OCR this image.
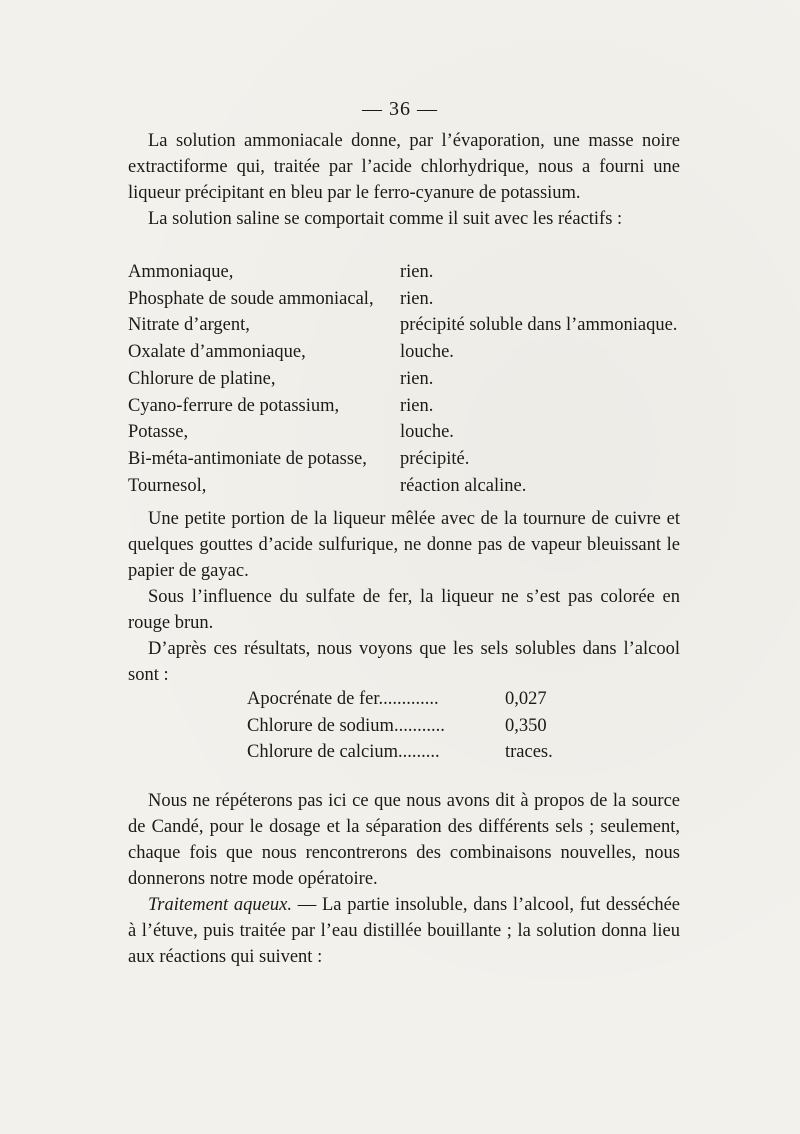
— 36 —

La solution ammoniacale donne, par l’évaporation, une masse noire extractiforme qui, traitée par l’acide chlorhydrique, nous a fourni une liqueur précipitant en bleu par le ferro-cyanure de potassium.

La solution saline se comportait comme il suit avec les réactifs :

Ammoniaque,	rien.
Phosphate de soude ammoniacal,	rien.
Nitrate d’argent,	précipité soluble dans l’ammoniaque.
Oxalate d’ammoniaque,	louche.
Chlorure de platine,	rien.
Cyano-ferrure de potassium,	rien.
Potasse,	louche.
Bi-méta-antimoniate de potasse,	précipité.
Tournesol,	réaction alcaline.

Une petite portion de la liqueur mêlée avec de la tournure de cuivre et quelques gouttes d’acide sulfurique, ne donne pas de vapeur bleuissant le papier de gayac.

Sous l’influence du sulfate de fer, la liqueur ne s’est pas colorée en rouge brun.

D’après ces résultats, nous voyons que les sels solubles dans l’alcool sont :

Apocrénate de fer.............	0,027
Chlorure de sodium...........	0,350
Chlorure de calcium.........	traces.

Nous ne répéterons pas ici ce que nous avons dit à propos de la source de Candé, pour le dosage et la séparation des différents sels ; seulement, chaque fois que nous rencontrerons des combinaisons nouvelles, nous donnerons notre mode opératoire.

Traitement aqueux. — La partie insoluble, dans l’alcool, fut desséchée à l’étuve, puis traitée par l’eau distillée bouillante ; la solution donna lieu aux réactions qui suivent :
